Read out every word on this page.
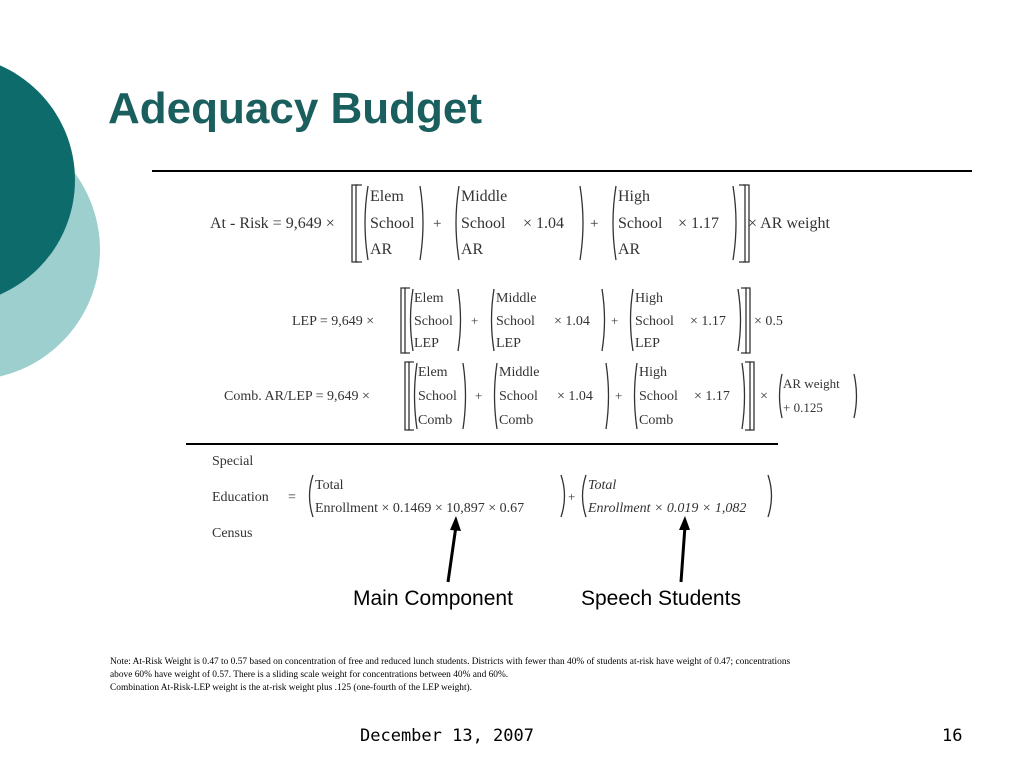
Adequacy Budget
At - Risk = 9,649 ×
Elem
School
AR
+
Middle
School
AR
× 1.04 +
High
School
AR
× 1.17 × AR weight
LEP = 9,649 ×
Elem
School
LEP
+
Middle
School
LEP
× 1.04 +
High
School
LEP
× 1.17 × 0.5
Comb. AR/LEP = 9,649 ×
Elem
School
Comb
+
Middle
School
Comb
× 1.04 +
High
School
Comb
× 1.17 ×
AR weight
+ 0.125
Special
Education
Census
=
Total
Enrollment × 0.1469 × 10,897 × 0.67
+
Total
Enrollment × 0.019 × 1,082
Main Component	Speech Students
Note: At-Risk Weight is 0.47 to 0.57 based on concentration of free and reduced lunch students. Districts with fewer than 40% of students at-risk have weight of 0.47; concentrations
above 60% have weight of 0.57. There is a sliding scale weight for concentrations between 40% and 60%.
Combination At-Risk-LEP weight is the at-risk weight plus .125 (one-fourth of the LEP weight).
December 13, 2007	16
